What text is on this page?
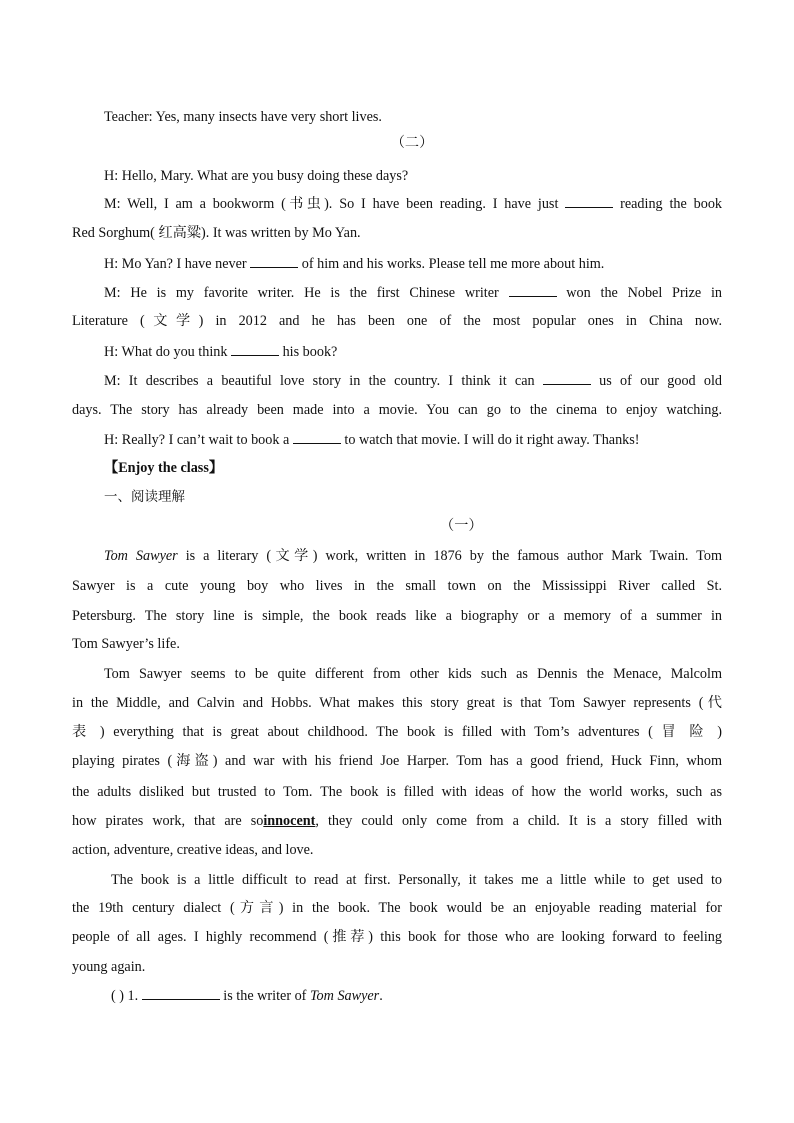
Teacher: Yes, many insects have very short lives.
（二）
H: Hello, Mary. What are you busy doing these days?
M: Well, I am a bookworm (书虫). So I have been reading. I have just	reading the book
Red Sorghum( 红高粱). It was written by Mo Yan.
H: Mo Yan? I have never	of him and his works. Please tell me more about him.
M: He is my favorite writer. He is the first Chinese writer	won the Nobel Prize in
Literature (文学) in 2012 and he has been one of the most popular ones in China now.
H: What do you think	his book?
M: It describes a beautiful love story in the country. I think it can	us of our good old
days. The story has already been made into a movie. You can go to the cinema to enjoy watching.
H: Really? I can’t wait to book a	to watch that movie. I will do it right away. Thanks!
【Enjoy the class】
一、阅读理解
（一）
Tom Sawyer is a literary (文学) work, written in 1876 by the famous author Mark Twain. Tom
Sawyer is a cute young boy who lives in the small town on the Mississippi River called St.
Petersburg. The story line is simple, the book reads like a biography or a memory of a summer in
Tom Sawyer’s life.
Tom Sawyer seems to be quite different from other kids such as Dennis the Menace, Malcolm
in the Middle, and Calvin and Hobbs. What makes this story great is that Tom Sawyer represents (代
表 ) everything that is great about childhood. The book is filled with Tom’s adventures ( 冒 险 )
playing pirates (海盗) and war with his friend Joe Harper. Tom has a good friend, Huck Finn, whom
the adults disliked but trusted to Tom. The book is filled with ideas of how the world works, such as
how pirates work, that are soinnocent, they could only come from a child. It is a story filled with
action, adventure, creative ideas, and love.
The book is a little difficult to read at first. Personally, it takes me a little while to get used to
the 19th century dialect (方言) in the book. The book would be an enjoyable reading material for
people of all ages. I highly recommend (推荐) this book for those who are looking forward to feeling
young again.
( ) 1.	is the writer of Tom Sawyer.
